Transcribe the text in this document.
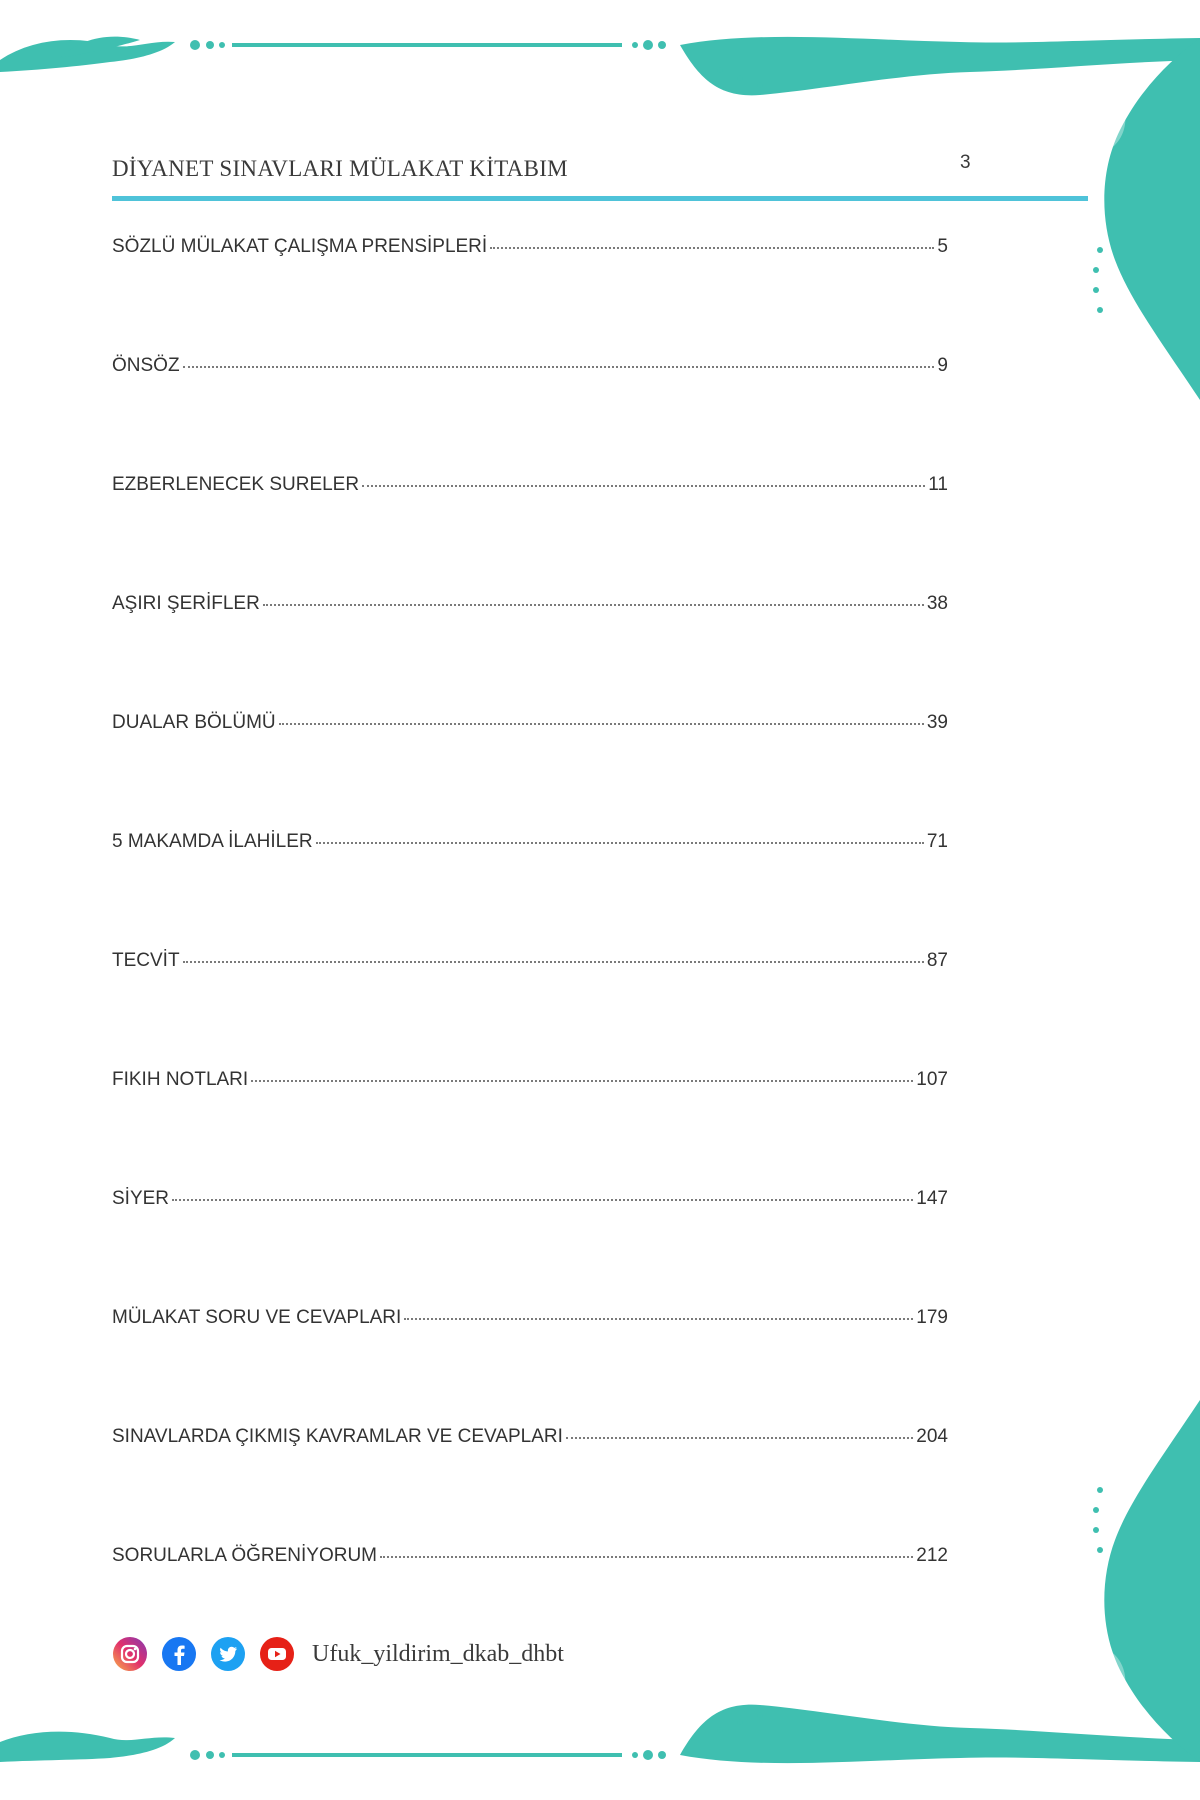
DİYANET SINAVLARI MÜLAKAT KİTABIM	3
SÖZLÜ MÜLAKAT ÇALIŞMA PRENSİPLERİ	5
ÖNSÖZ	9
EZBERLENECEK SURELER	11
AŞIRI ŞERİFLER	38
DUALAR BÖLÜMÜ	39
5 MAKAMDA İLAHİLER	71
TECVİT	87
FIKIH NOTLARI	107
SİYER	147
MÜLAKAT SORU VE CEVAPLARI	179
SINAVLARDA ÇIKMIŞ KAVRAMLAR VE CEVAPLARI	204
SORULARLA ÖĞRENİYORUM	212
Ufuk_yildirim_dkab_dhbt
